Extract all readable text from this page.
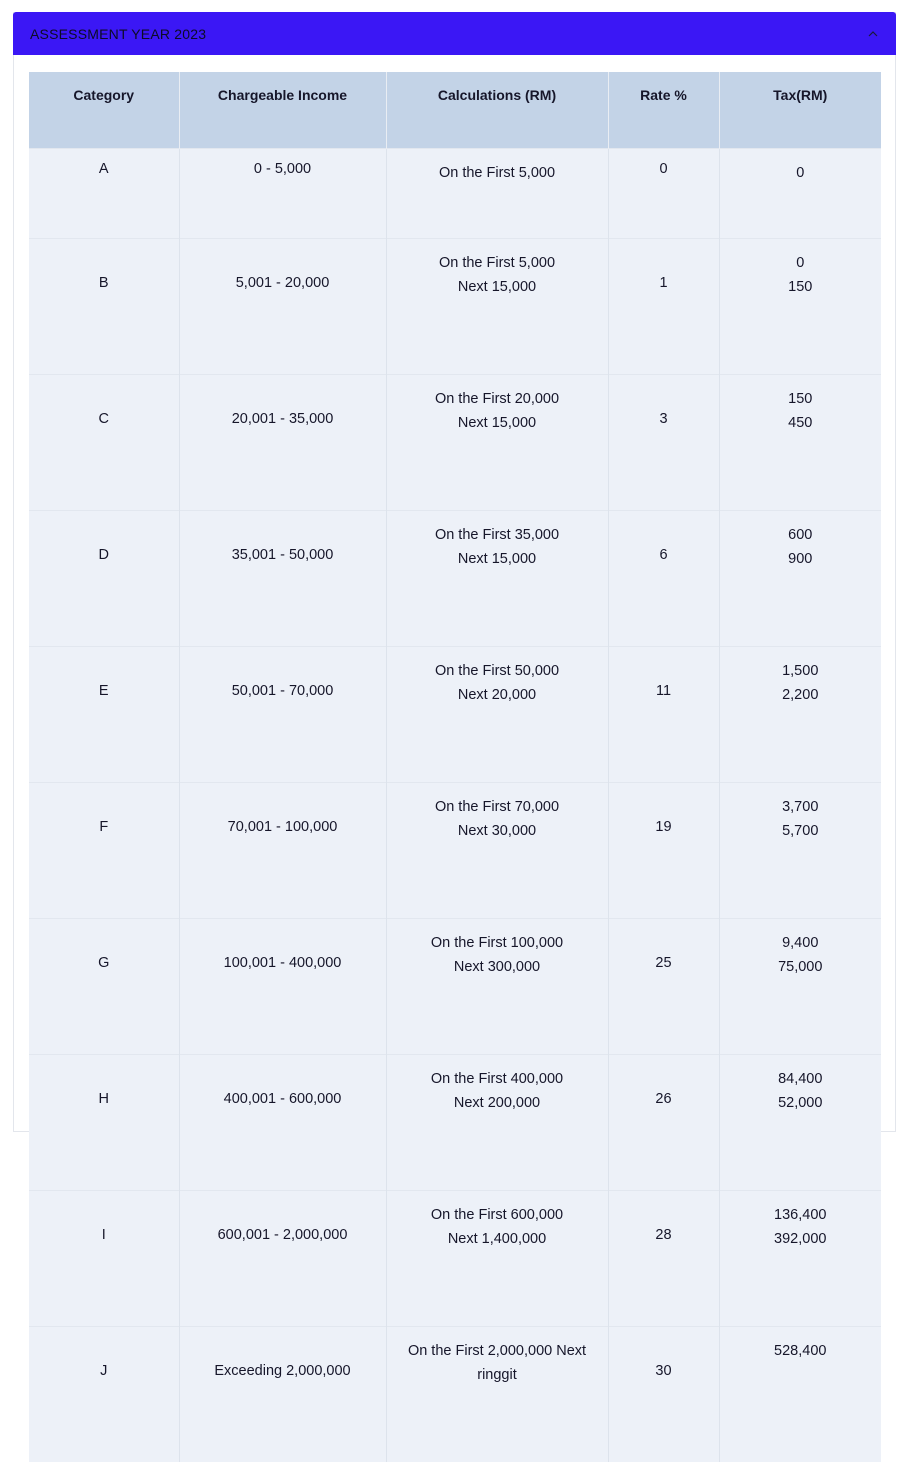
ASSESSMENT YEAR 2023
Category	Chargeable Income	Calculations (RM)	Rate %	Tax(RM)
A	0 - 5,000	On the First 5,000	0	0

B	5,001 - 20,000	On the First 5,000
Next 15,000	1	0
150

C	20,001 - 35,000	On the First 20,000
Next 15,000	3	150
450

D	35,001 - 50,000	On the First 35,000
Next 15,000	6	600
900

E	50,001 - 70,000	On the First 50,000
Next 20,000	11	1,500
2,200

F	70,001 - 100,000	On the First 70,000
Next 30,000	19	3,700
5,700

G	100,001 - 400,000	On the First 100,000
Next 300,000	25	9,400
75,000

H	400,001 - 600,000	On the First 400,000
Next 200,000	26	84,400
52,000

I	600,001 - 2,000,000	On the First 600,000
Next 1,400,000	28	136,400
392,000

J	Exceeding 2,000,000	On the First 2,000,000 Next
ringgit	30	528,400
